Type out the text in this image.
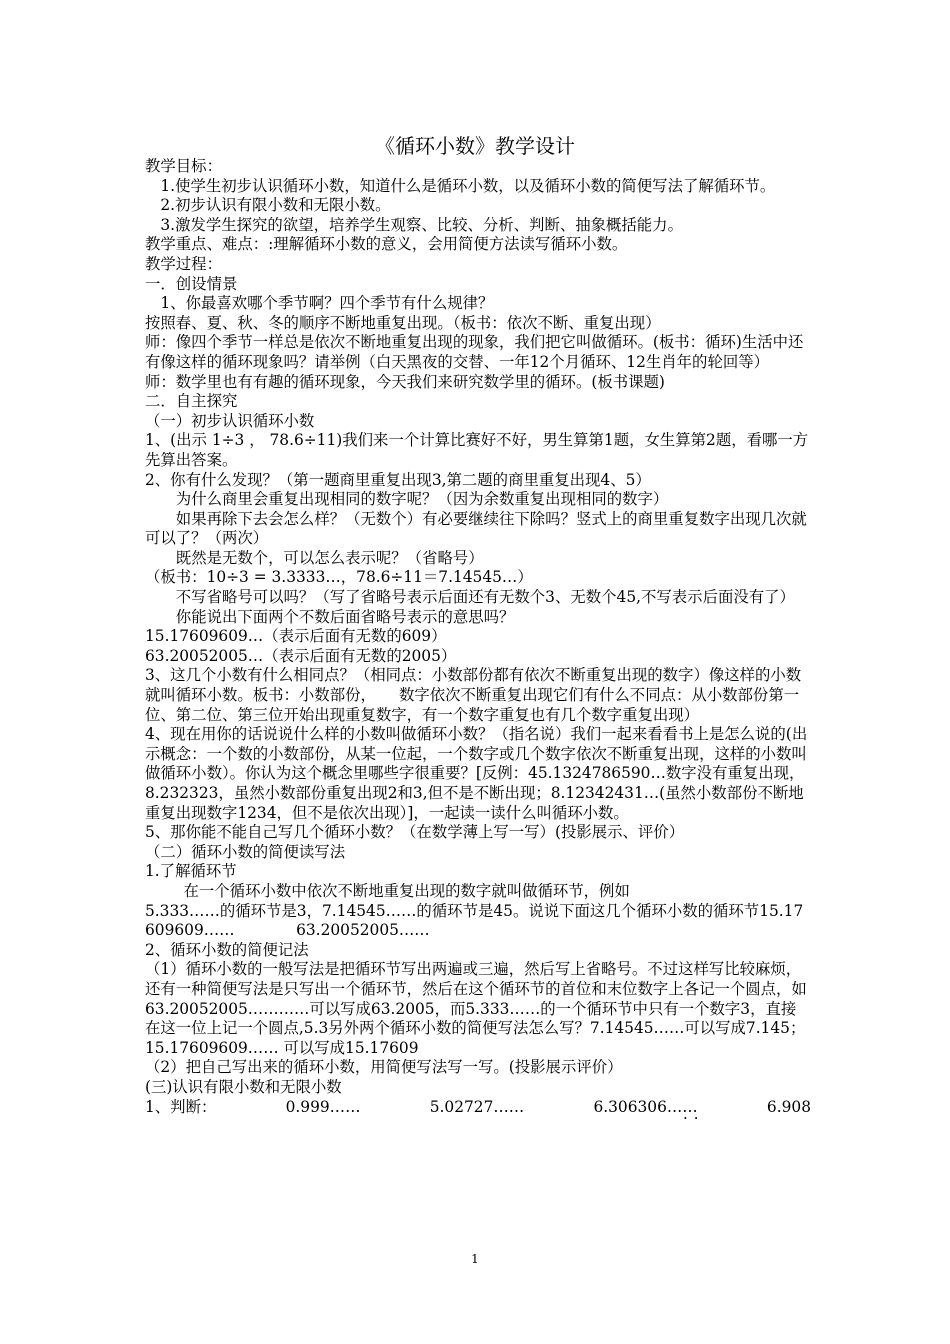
《循环小数》教学设计

教学目标：

1.使学生初步认识循环小数，知道什么是循环小数，以及循环小数的简便写法了解循环节。

2.初步认识有限小数和无限小数。

3.激发学生探究的欲望，培养学生观察、比较、分析、判断、抽象概括能力。

教学重点、难点：:理解循环小数的意义，会用简便方法读写循环小数。

教学过程：

一．创设情景

1、你最喜欢哪个季节啊？四个季节有什么规律？

按照春、夏、秋、冬的顺序不断地重复出现。（板书：依次不断、重复出现）

师：像四个季节一样总是依次不断地重复出现的现象，我们把它叫做循环。(板书：循环)生活中还有像这样的循环现象吗？请举例（白天黑夜的交替、一年12个月循环、12生肖年的轮回等）

师：数学里也有有趣的循环现象，今天我们来研究数学里的循环。(板书课题)

二．自主探究

（一）初步认识循环小数

1、(出示 1÷3 ， 78.6÷11)我们来一个计算比赛好不好，男生算第1题，女生算第2题，看哪一方先算出答案。

2、你有什么发现？（第一题商里重复出现3,第二题的商里重复出现4、5）

为什么商里会重复出现相同的数字呢？（因为余数重复出现相同的数字）

如果再除下去会怎么样？（无数个）有必要继续往下除吗？竖式上的商里重复数字出现几次就可以了？（两次）

既然是无数个，可以怎么表示呢？（省略号）

（板书：10÷3 = 3.3333…，78.6÷11＝7.14545…）

不写省略号可以吗？（写了省略号表示后面还有无数个3、无数个45,不写表示后面没有了）

你能说出下面两个不数后面省略号表示的意思吗？

15.17609609…（表示后面有无数的609）

63.20052005…（表示后面有无数的2005）

3、这几个小数有什么相同点？（相同点：小数部份都有依次不断重复出现的数字）像这样的小数就叫循环小数。板书：小数部份，　　数字依次不断重复出现它们有什么不同点：从小数部份第一位、第二位、第三位开始出现重复数字，有一个数字重复也有几个数字重复出现）

4、现在用你的话说说什么样的小数叫做循环小数？（指名说）我们一起来看看书上是怎么说的(出示概念：一个数的小数部份，从某一位起，一个数字或几个数字依次不断重复出现，这样的小数叫做循环小数）。你认为这个概念里哪些字很重要？[反例：45.1324786590…数字没有重复出现，8.232323，虽然小数部份重复出现2和3,但不是不断出现；8.12342431…(虽然小数部份不断地重复出现数字1234，但不是依次出现）]，一起读一读什么叫循环小数。

5、那你能不能自己写几个循环小数？（在数学薄上写一写）(投影展示、评价）

（二）循环小数的简便读写法

1.了解循环节

在一个循环小数中依次不断地重复出现的数字就叫做循环节，例如

5.333……的循环节是3，7.14545……的循环节是45。说说下面这几个循环小数的循环节15.17609609……　　　　63.20052005……

2、循环小数的简便记法

（1）循环小数的一般写法是把循环节写出两遍或三遍，然后写上省略号。不过这样写比较麻烦，还有一种简便写法是只写出一个循环节，然后在这个循环节的首位和末位数字上各记一个圆点，如 63.20052005…………可以写成63.2005，而5.333……的一个循环节中只有一个数字3，直接在这一位上记一个圆点,5.3另外两个循环小数的简便写法怎么写？7.14545……可以写成7.145；

15.17609609…… 可以写成15.17609

（2）把自己写出来的循环小数，用简便写法写一写。(投影展示评价）

(三)认识有限小数和无限小数

1、判断：	0.999……	5.02727……	6.306306……	6.908
··
1
